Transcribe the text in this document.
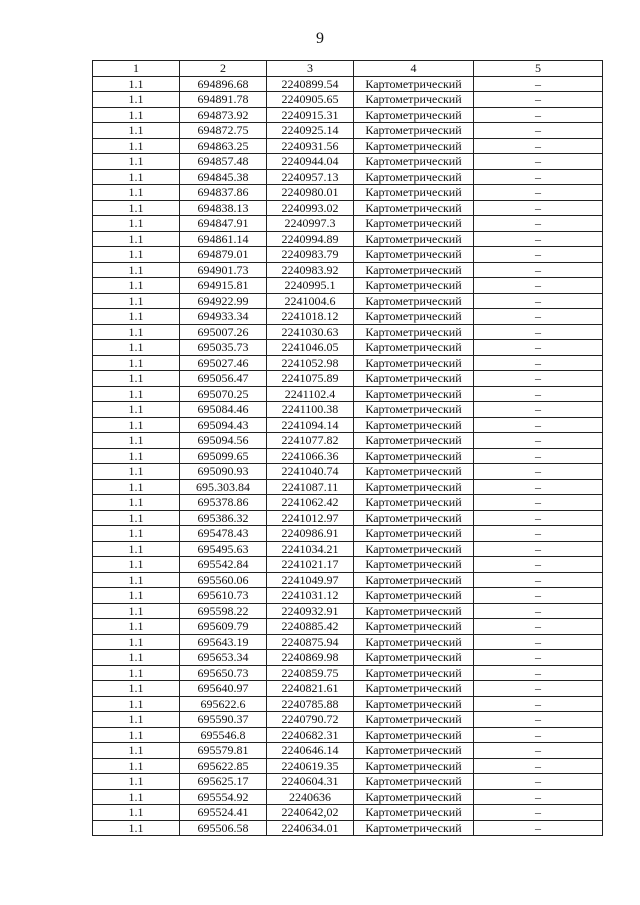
9
1	2	3	4	5
1.1	694896.68	2240899.54	Картометрический	–
1.1	694891.78	2240905.65	Картометрический	–
1.1	694873.92	2240915.31	Картометрический	–
1.1	694872.75	2240925.14	Картометрический	–
1.1	694863.25	2240931.56	Картометрический	–
1.1	694857.48	2240944.04	Картометрический	–
1.1	694845.38	2240957.13	Картометрический	–
1.1	694837.86	2240980.01	Картометрический	–
1.1	694838.13	2240993.02	Картометрический	–
1.1	694847.91	2240997.3	Картометрический	–
1.1	694861.14	2240994.89	Картометрический	–
1.1	694879.01	2240983.79	Картометрический	–
1.1	694901.73	2240983.92	Картометрический	–
1.1	694915.81	2240995.1	Картометрический	–
1.1	694922.99	2241004.6	Картометрический	–
1.1	694933.34	2241018.12	Картометрический	–
1.1	695007.26	2241030.63	Картометрический	–
1.1	695035.73	2241046.05	Картометрический	–
1.1	695027.46	2241052.98	Картометрический	–
1.1	695056.47	2241075.89	Картометрический	–
1.1	695070.25	2241102.4	Картометрический	–
1.1	695084.46	2241100.38	Картометрический	–
1.1	695094.43	2241094.14	Картометрический	–
1.1	695094.56	2241077.82	Картометрический	–
1.1	695099.65	2241066.36	Картометрический	–
1.1	695090.93	2241040.74	Картометрический	–
1.1	695.303.84	2241087.11	Картометрический	–
1.1	695378.86	2241062.42	Картометрический	–
1.1	695386.32	2241012.97	Картометрический	–
1.1	695478.43	2240986.91	Картометрический	–
1.1	695495.63	2241034.21	Картометрический	–
1.1	695542.84	2241021.17	Картометрический	–
1.1	695560.06	2241049.97	Картометрический	–
1.1	695610.73	2241031.12	Картометрический	–
1.1	695598.22	2240932.91	Картометрический	–
1.1	695609.79	2240885.42	Картометрический	–
1.1	695643.19	2240875.94	Картометрический	–
1.1	695653.34	2240869.98	Картометрический	–
1.1	695650.73	2240859.75	Картометрический	–
1.1	695640.97	2240821.61	Картометрический	–
1.1	695622.6	2240785.88	Картометрический	–
1.1	695590.37	2240790.72	Картометрический	–
1.1	695546.8	2240682.31	Картометрический	–
1.1	695579.81	2240646.14	Картометрический	–
1.1	695622.85	2240619.35	Картометрический	–
1.1	695625.17	2240604.31	Картометрический	–
1.1	695554.92	2240636	Картометрический	–
1.1	695524.41	2240642,02	Картометрический	–
1.1	695506.58	2240634.01	Картометрический	–
